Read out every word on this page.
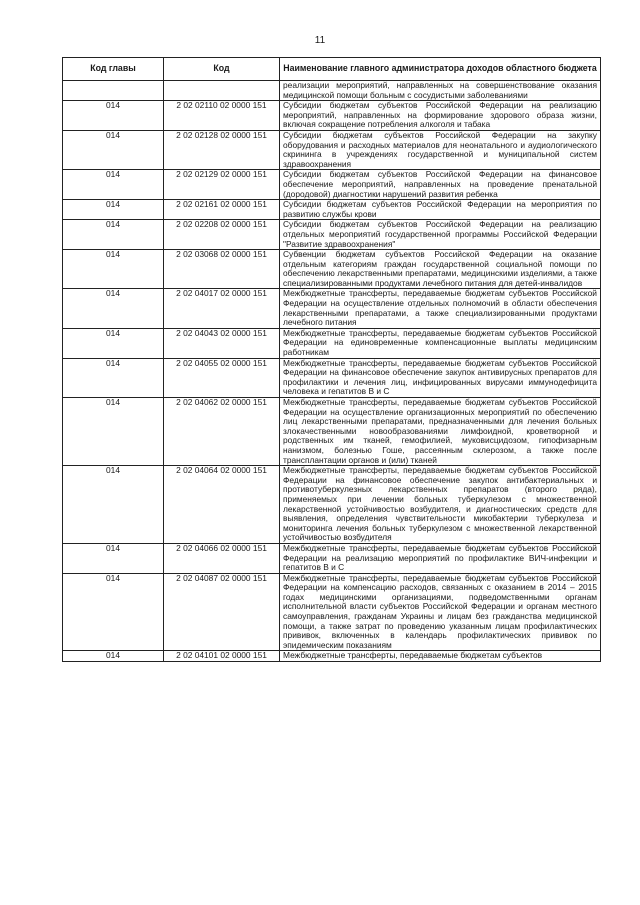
11
Код главы	Код	Наименование главного администратора доходов областного бюджета
		реализации мероприятий, направленных на совершенствование оказания медицинской помощи больным с сосудистыми заболеваниями
014	2 02 02110 02 0000 151	Субсидии бюджетам субъектов Российской Федерации на реализацию мероприятий, направленных на формирование здорового образа жизни, включая сокращение потребления алкоголя и табака
014	2 02 02128 02 0000 151	Субсидии бюджетам субъектов Российской Федерации на закупку оборудования и расходных материалов для неонатального и аудиологического скрининга в учреждениях государственной и муниципальной систем здравоохранения
014	2 02 02129 02 0000 151	Субсидии бюджетам субъектов Российской Федерации на финансовое обеспечение мероприятий, направленных на проведение пренатальной (дородовой) диагностики нарушений развития ребенка
014	2 02 02161 02 0000 151	Субсидии бюджетам субъектов Российской Федерации на мероприятия по развитию службы крови
014	2 02 02208 02 0000 151	Субсидии бюджетам субъектов Российской Федерации на реализацию отдельных мероприятий государственной программы Российской Федерации "Развитие здравоохранения"
014	2 02 03068 02 0000 151	Субвенции бюджетам субъектов Российской Федерации на оказание отдельным категориям граждан государственной социальной помощи по обеспечению лекарственными препаратами, медицинскими изделиями, а также специализированными продуктами лечебного питания для детей-инвалидов
014	2 02 04017 02 0000 151	Межбюджетные трансферты, передаваемые бюджетам субъектов Российской Федерации на осуществление отдельных полномочий в области обеспечения лекарственными препаратами, а также специализированными продуктами лечебного питания
014	2 02 04043 02 0000 151	Межбюджетные трансферты, передаваемые бюджетам субъектов Российской Федерации на единовременные компенсационные выплаты медицинским работникам
014	2 02 04055 02 0000 151	Межбюджетные трансферты, передаваемые бюджетам субъектов Российской Федерации на финансовое обеспечение закупок антивирусных препаратов для профилактики и лечения лиц, инфицированных вирусами иммунодефицита человека и гепатитов В и С
014	2 02 04062 02 0000 151	Межбюджетные трансферты, передаваемые бюджетам субъектов Российской Федерации на осуществление организационных мероприятий по обеспечению лиц лекарственными препаратами, предназначенными для лечения больных злокачественными новообразованиями лимфоидной, кроветворной и родственных им тканей, гемофилией, муковисцидозом, гипофизарным нанизмом, болезнью Гоше, рассеянным склерозом, а также после трансплантации органов и (или) тканей
014	2 02 04064 02 0000 151	Межбюджетные трансферты, передаваемые бюджетам субъектов Российской Федерации на финансовое обеспечение закупок антибактериальных и противотуберкулезных лекарственных препаратов (второго ряда), применяемых при лечении больных туберкулезом с множественной лекарственной устойчивостью возбудителя, и диагностических средств для выявления, определения чувствительности микобактерии туберкулеза и мониторинга лечения больных туберкулезом с множественной лекарственной устойчивостью возбудителя
014	2 02 04066 02 0000 151	Межбюджетные трансферты, передаваемые бюджетам субъектов Российской Федерации на реализацию мероприятий по профилактике ВИЧ-инфекции и гепатитов В и С
014	2 02 04087 02 0000 151	Межбюджетные трансферты, передаваемые бюджетам субъектов Российской Федерации на компенсацию расходов, связанных с оказанием в 2014 – 2015 годах медицинскими организациями, подведомственными органам исполнительной власти субъектов Российской Федерации и органам местного самоуправления, гражданам Украины и лицам без гражданства медицинской помощи, а также затрат по проведению указанным лицам профилактических прививок, включенных в календарь профилактических прививок по эпидемическим показаниям
014	2 02 04101 02 0000 151	Межбюджетные трансферты, передаваемые бюджетам субъектов
